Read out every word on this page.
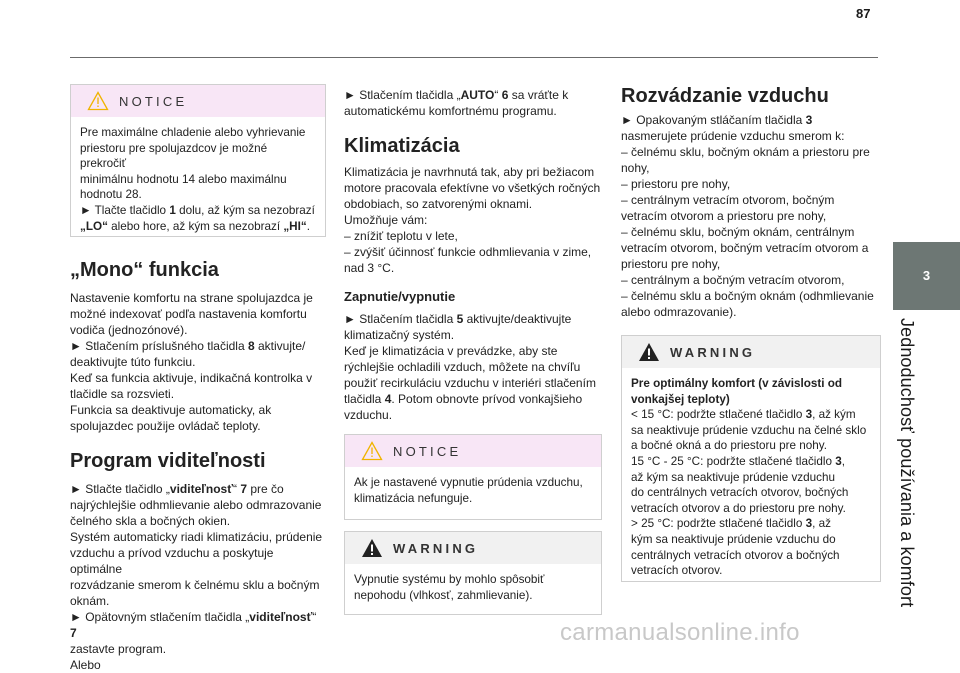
87
3
Jednoduchosť používania a komfort
carmanualsonline.info
NOTICE

Pre maximálne chladenie alebo vyhrievanie
priestoru pre spolujazdcov je možné prekročiť
minimálnu hodnotu 14 alebo maximálnu
hodnotu 28.
► Tlačte tlačidlo 1 dolu, až kým sa nezobrazí
„LO“ alebo hore, až kým sa nezobrazí „HI“.

„Mono“ funkcia

Nastavenie komfortu na strane spolujazdca je
možné indexovať podľa nastavenia komfortu
vodiča (jednozónové).
► Stlačením príslušného tlačidla 8 aktivujte/
deaktivujte túto funkciu.
Keď sa funkcia aktivuje, indikačná kontrolka v
tlačidle sa rozsvieti.
Funkcia sa deaktivuje automaticky, ak
spolujazdec použije ovládač teploty.

Program viditeľnosti

► Stlačte tlačidlo „viditeľnosť“ 7 pre čo
najrýchlejšie odhmlievanie alebo odmrazovanie
čelného skla a bočných okien.
Systém automaticky riadi klimatizáciu, prúdenie
vzduchu a prívod vzduchu a poskytuje optimálne
rozvádzanie smerom k čelnému sklu a bočným
oknám.
► Opätovným stlačením tlačidla „viditeľnosť“ 7
zastavte program.
Alebo

► Stlačením tlačidla „AUTO“ 6 sa vráťte k
automatickému komfortnému programu.

Klimatizácia

Klimatizácia je navrhnutá tak, aby pri bežiacom
motore pracovala efektívne vo všetkých ročných
obdobiach, so zatvorenými oknami.
Umožňuje vám:
– znížiť teplotu v lete,
– zvýšiť účinnosť funkcie odhmlievania v zime,
nad 3 °C.

Zapnutie/vypnutie

► Stlačením tlačidla 5 aktivujte/deaktivujte
klimatizačný systém.
Keď je klimatizácia v prevádzke, aby ste
rýchlejšie ochladili vzduch, môžete na chvíľu
použiť recirkuláciu vzduchu v interiéri stlačením
tlačidla 4. Potom obnovte prívod vonkajšieho
vzduchu.

NOTICE

Ak je nastavené vypnutie prúdenia vzduchu,
klimatizácia nefunguje.

WARNING

Vypnutie systému by mohlo spôsobiť
nepohodu (vlhkosť, zahmlievanie).

Rozvádzanie vzduchu

► Opakovaným stláčaním tlačidla 3
nasmerujete prúdenie vzduchu smerom k:
– čelnému sklu, bočným oknám a priestoru pre
nohy,
– priestoru pre nohy,
– centrálnym vetracím otvorom, bočným
vetracím otvorom a priestoru pre nohy,
– čelnému sklu, bočným oknám, centrálnym
vetracím otvorom, bočným vetracím otvorom a
priestoru pre nohy,
– centrálnym a bočným vetracím otvorom,
– čelnému sklu a bočným oknám (odhmlievanie
alebo odmrazovanie).

WARNING

Pre optimálny komfort (v závislosti od
vonkajšej teploty)
< 15 °C: podržte stlačené tlačidlo 3, až kým
sa neaktivuje prúdenie vzduchu na čelné sklo
a bočné okná a do priestoru pre nohy.
15 °C - 25 °C: podržte stlačené tlačidlo 3,
až kým sa neaktivuje prúdenie vzduchu
do centrálnych vetracích otvorov, bočných
vetracích otvorov a do priestoru pre nohy.
> 25 °C: podržte stlačené tlačidlo 3, až
kým sa neaktivuje prúdenie vzduchu do
centrálnych vetracích otvorov a bočných
vetracích otvorov.
